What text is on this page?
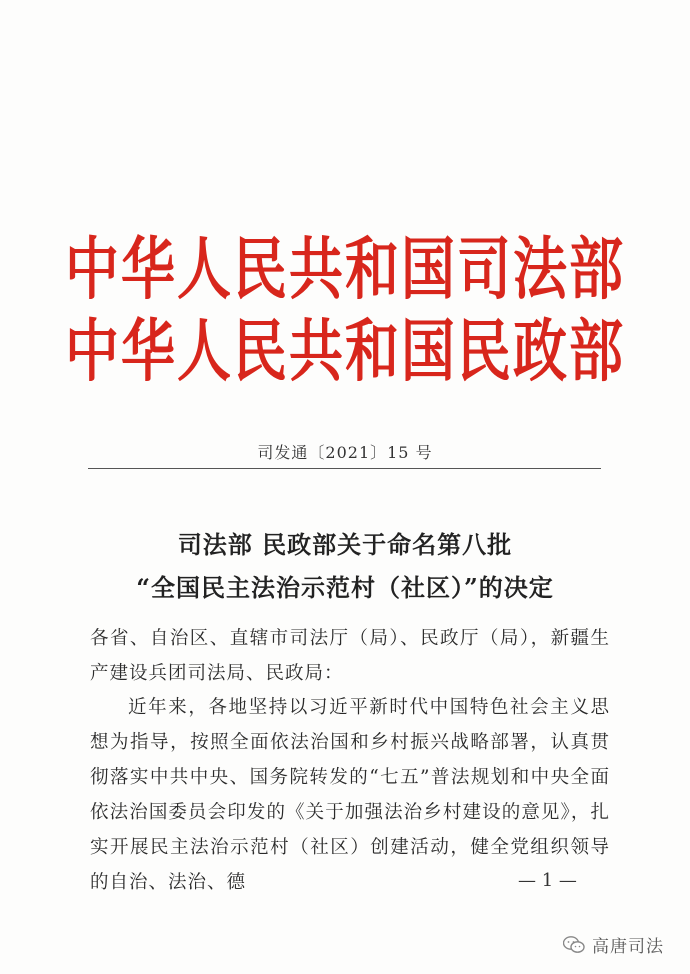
中华人民共和国司法部
中华人民共和国民政部
司发通〔2021〕15 号
司法部 民政部关于命名第八批
“全国民主法治示范村（社区）”的决定
各省、自治区、直辖市司法厅（局）、民政厅（局），新疆生产建设兵团司法局、民政局：
近年来，各地坚持以习近平新时代中国特色社会主义思想为指导，按照全面依法治国和乡村振兴战略部署，认真贯彻落实中共中央、国务院转发的“七五”普法规划和中央全面依法治国委员会印发的《关于加强法治乡村建设的意见》，扎实开展民主法治示范村（社区）创建活动，健全党组织领导的自治、法治、德	— 1 —
高唐司法
